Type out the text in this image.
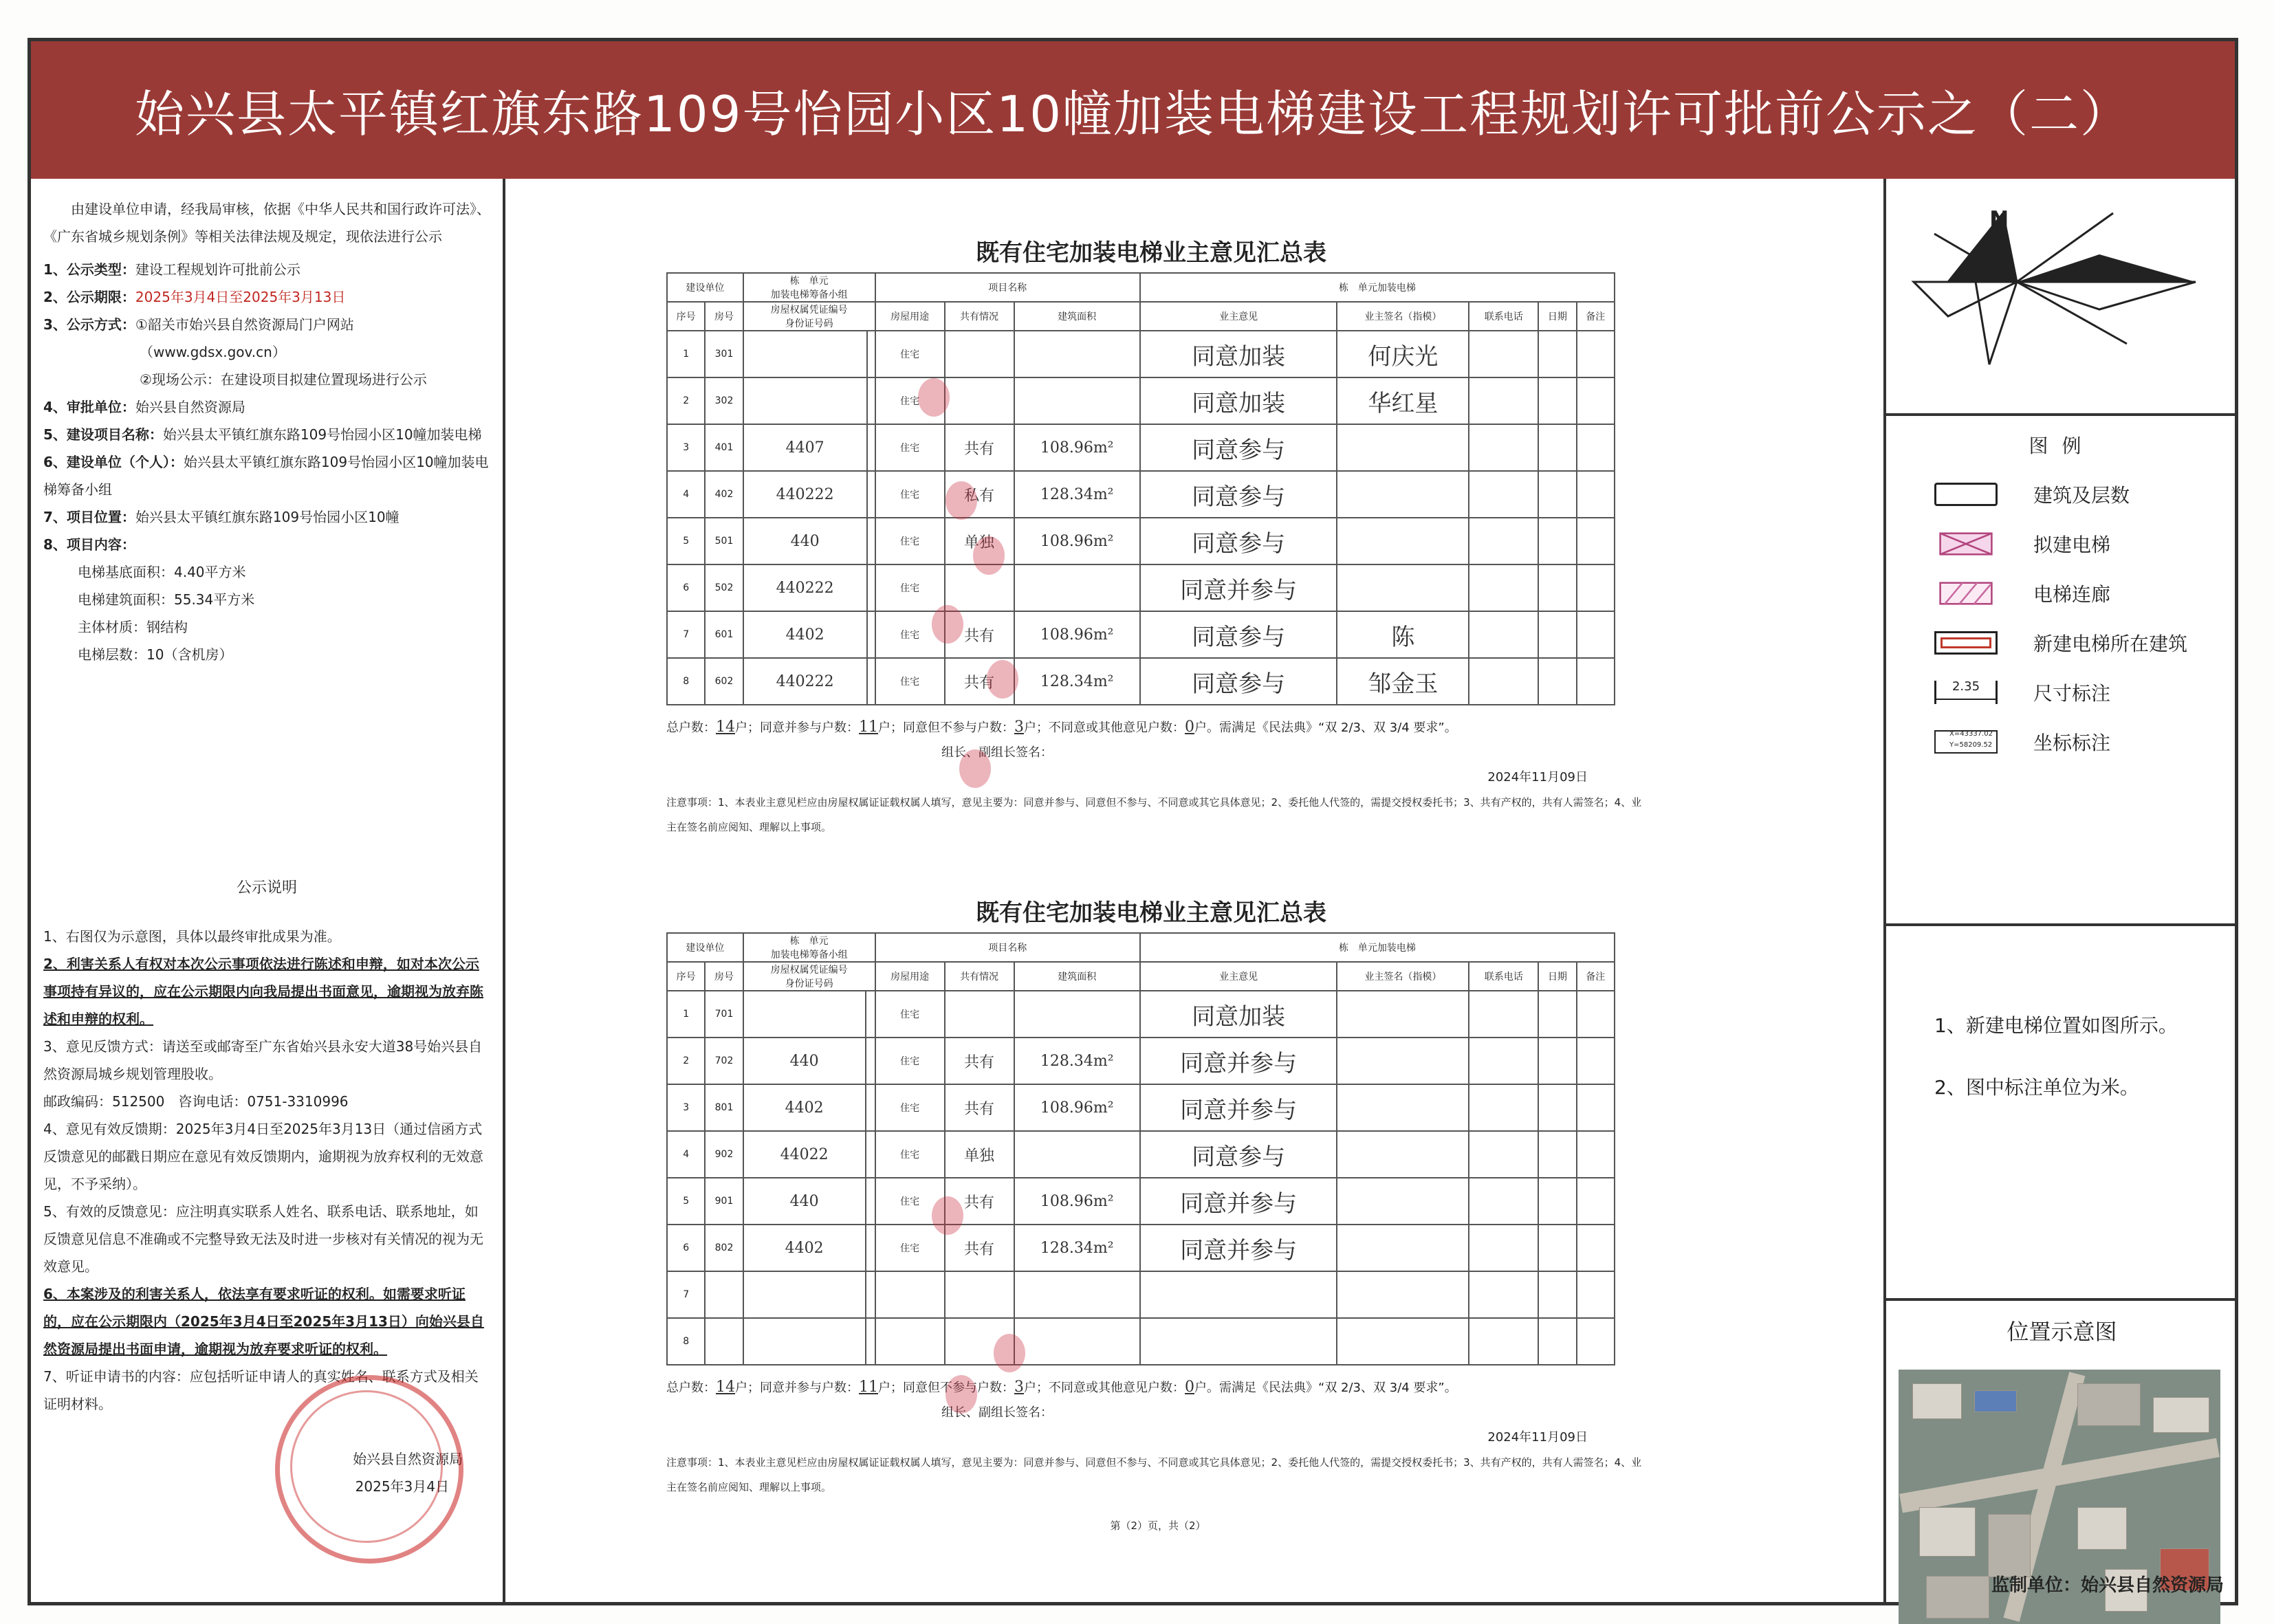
始兴县太平镇红旗东路109号怡园小区10幢加装电梯建设工程规划许可批前公示之（二）

由建设单位申请，经我局审核，依据《中华人民共和国行政许可法》、《广东省城乡规划条例》等相关法律法规及规定，现依法进行公示

1、公示类型：建设工程规划许可批前公示

2、公示期限：2025年3月4日至2025年3月13日

3、公示方式：①韶关市始兴县自然资源局门户网站

（www.gdsx.gov.cn）

②现场公示：在建设项目拟建位置现场进行公示

4、审批单位：始兴县自然资源局

5、建设项目名称：始兴县太平镇红旗东路109号怡园小区10幢加装电梯

6、建设单位（个人）：始兴县太平镇红旗东路109号怡园小区10幢加装电梯筹备小组

7、项目位置：始兴县太平镇红旗东路109号怡园小区10幢

8、项目内容：

电梯基底面积：4.40平方米

电梯建筑面积：55.34平方米

主体材质：钢结构

电梯层数：10（含机房）

公示说明

1、右图仅为示意图，具体以最终审批成果为准。

2、利害关系人有权对本次公示事项依法进行陈述和申辩，如对本次公示事项持有异议的，应在公示期限内向我局提出书面意见，逾期视为放弃陈述和申辩的权利。

3、意见反馈方式：请送至或邮寄至广东省始兴县永安大道38号始兴县自然资源局城乡规划管理股收。

邮政编码：512500　咨询电话：0751-3310996

4、意见有效反馈期：2025年3月4日至2025年3月13日（通过信函方式反馈意见的邮戳日期应在意见有效反馈期内，逾期视为放弃权利的无效意见，不予采纳）。

5、有效的反馈意见：应注明真实联系人姓名、联系电话、联系地址，如反馈意见信息不准确或不完整导致无法及时进一步核对有关情况的视为无效意见。

6、本案涉及的利害关系人，依法享有要求听证的权利。如需要求听证的，应在公示期限内（2025年3月4日至2025年3月13日）向始兴县自然资源局提出书面申请，逾期视为放弃要求听证的权利。

7、听证申请书的内容：应包括听证申请人的真实姓名、联系方式及相关证明材料。

始兴县自然资源局

2025年3月4日

既有住宅加装电梯业主意见汇总表
建设单位		栋　单元
加装电梯筹备小组		项目名称			栋　单元加装电梯				
序号	房号	房屋权属凭证编号
身份证号码		房屋用途	共有情况	建筑面积	业主意见	业主签名（指模）	联系电话	日期	备注
1	301			住宅			同意加装	何庆光			
2	302			住宅			同意加装	华红星			
3	401	4407		住宅	共有	108.96m²	同意参与				
4	402	440222		住宅	私有	128.34m²	同意参与				
5	501	440		住宅	单独	108.96m²	同意参与				
6	502	440222		住宅			同意并参与				
7	601	4402		住宅	共有	108.96m²	同意参与	陈			
8	602	440222		住宅	共有	128.34m²	同意参与	邹金玉			
总户数：14户；同意并参与户数：11户；同意但不参与户数：3户；不同意或其他意见户数：0户。需满足《民法典》“双 2/3、双 3/4 要求”。
组长、副组长签名：
2024年11月09日
注意事项：1、本表业主意见栏应由房屋权属证证载权属人填写，意见主要为：同意并参与、同意但不参与、不同意或其它具体意见；2、委托他人代签的，需提交授权委托书；3、共有产权的，共有人需签名；4、业主在签名前应阅知、理解以上事项。
既有住宅加装电梯业主意见汇总表
建设单位		栋　单元
加装电梯筹备小组		项目名称			栋　单元加装电梯				
序号	房号	房屋权属凭证编号
身份证号码		房屋用途	共有情况	建筑面积	业主意见	业主签名（指模）	联系电话	日期	备注
1	701			住宅			同意加装				
2	702	440		住宅	共有	128.34m²	同意并参与				
3	801	4402		住宅	共有	108.96m²	同意并参与				
4	902	44022		住宅	单独		同意参与				
5	901	440		住宅	共有	108.96m²	同意并参与				
6	802	4402		住宅	共有	128.34m²	同意并参与				
7											
8											
总户数：14户；同意并参与户数：11户；同意但不参与户数：3户；不同意或其他意见户数：0户。需满足《民法典》“双 2/3、双 3/4 要求”。
组长、副组长签名：
2024年11月09日
注意事项：1、本表业主意见栏应由房屋权属证证载权属人填写，意见主要为：同意并参与、同意但不参与、不同意或其它具体意见；2、委托他人代签的，需提交授权委托书；3、共有产权的，共有人需签名；4、业主在签名前应阅知、理解以上事项。
第（2）页，共（2）
N
图例
建筑及层数
拟建电梯
电梯连廊
新建电梯所在建筑
2.35	尺寸标注
X=43337.02
Y=58209.52 坐标标注

1、新建电梯位置如图所示。

2、图中标注单位为米。

位置示意图
监制单位：始兴县自然资源局
